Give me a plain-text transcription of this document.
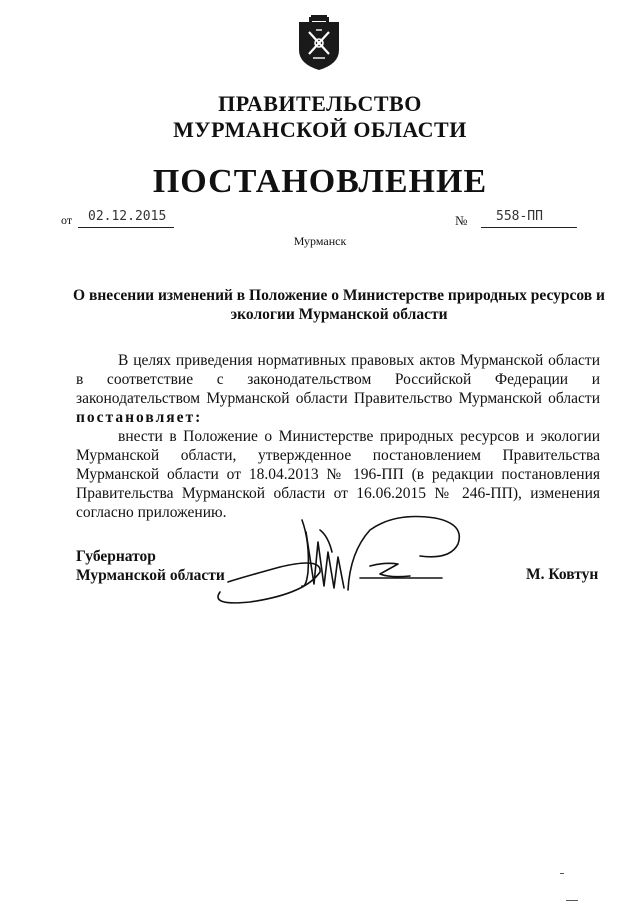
ПРАВИТЕЛЬСТВО
МУРМАНСКОЙ ОБЛАСТИ
ПОСТАНОВЛЕНИЕ
от 02.12.2015	№ 558-ПП
Мурманск
О внесении изменений в Положение о Министерстве природных ресурсов и экологии Мурманской области

В целях приведения нормативных правовых актов Мурманской области в соответствие с законодательством Российской Федерации и законодательством Мурманской области Правительство Мурманской области постановляет:

внести в Положение о Министерстве природных ресурсов и экологии Мурманской области, утвержденное постановлением Правительства Мурманской области от 18.04.2013 № 196-ПП (в редакции постановления Правительства Мурманской области от 16.06.2015 № 246-ПП), изменения согласно приложению.

Губернатор
Мурманской области	М. Ковтун
